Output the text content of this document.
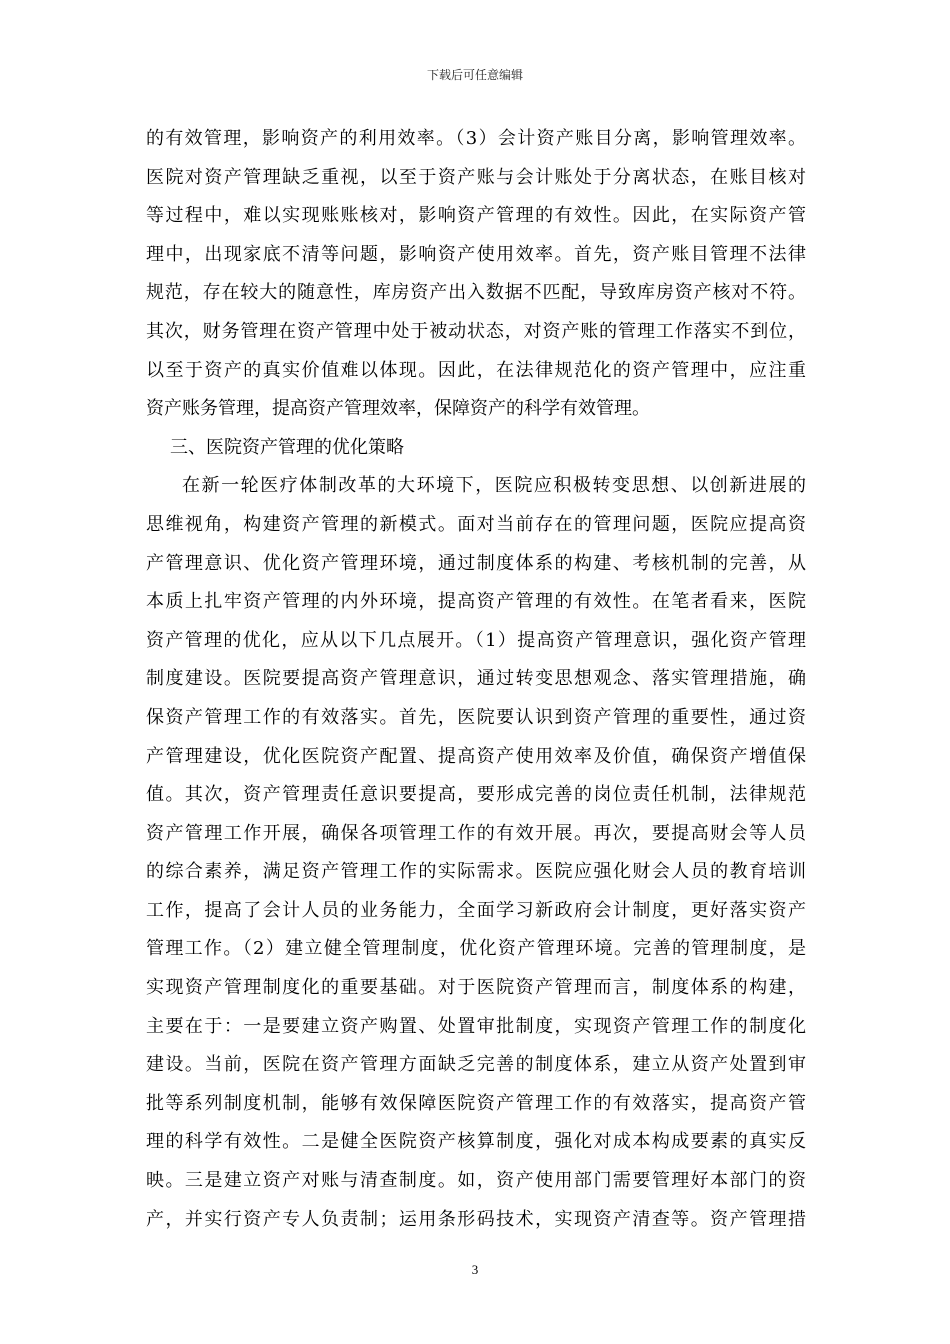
下载后可任意编辑
的有效管理，影响资产的利用效率。（3）会计资产账目分离，影响管理效率。
医院对资产管理缺乏重视，以至于资产账与会计账处于分离状态，在账目核对
等过程中，难以实现账账核对，影响资产管理的有效性。因此，在实际资产管
理中，出现家底不清等问题，影响资产使用效率。首先，资产账目管理不法律
规范，存在较大的随意性，库房资产出入数据不匹配，导致库房资产核对不符。
其次，财务管理在资产管理中处于被动状态，对资产账的管理工作落实不到位，
以至于资产的真实价值难以体现。因此，在法律规范化的资产管理中，应注重
资产账务管理，提高资产管理效率，保障资产的科学有效管理。
三、医院资产管理的优化策略
在新一轮医疗体制改革的大环境下，医院应积极转变思想、以创新进展的
思维视角，构建资产管理的新模式。面对当前存在的管理问题，医院应提高资
产管理意识、优化资产管理环境，通过制度体系的构建、考核机制的完善，从
本质上扎牢资产管理的内外环境，提高资产管理的有效性。在笔者看来，医院
资产管理的优化，应从以下几点展开。（1）提高资产管理意识，强化资产管理
制度建设。医院要提高资产管理意识，通过转变思想观念、落实管理措施，确
保资产管理工作的有效落实。首先，医院要认识到资产管理的重要性，通过资
产管理建设，优化医院资产配置、提高资产使用效率及价值，确保资产增值保
值。其次，资产管理责任意识要提高，要形成完善的岗位责任机制，法律规范
资产管理工作开展，确保各项管理工作的有效开展。再次，要提高财会等人员
的综合素养，满足资产管理工作的实际需求。医院应强化财会人员的教育培训
工作，提高了会计人员的业务能力，全面学习新政府会计制度，更好落实资产
管理工作。（2）建立健全管理制度，优化资产管理环境。完善的管理制度，是
实现资产管理制度化的重要基础。对于医院资产管理而言，制度体系的构建，
主要在于：一是要建立资产购置、处置审批制度，实现资产管理工作的制度化
建设。当前，医院在资产管理方面缺乏完善的制度体系，建立从资产处置到审
批等系列制度机制，能够有效保障医院资产管理工作的有效落实，提高资产管
理的科学有效性。二是健全医院资产核算制度，强化对成本构成要素的真实反
映。三是建立资产对账与清查制度。如，资产使用部门需要管理好本部门的资
产，并实行资产专人负责制；运用条形码技术，实现资产清查等。资产管理措
3
